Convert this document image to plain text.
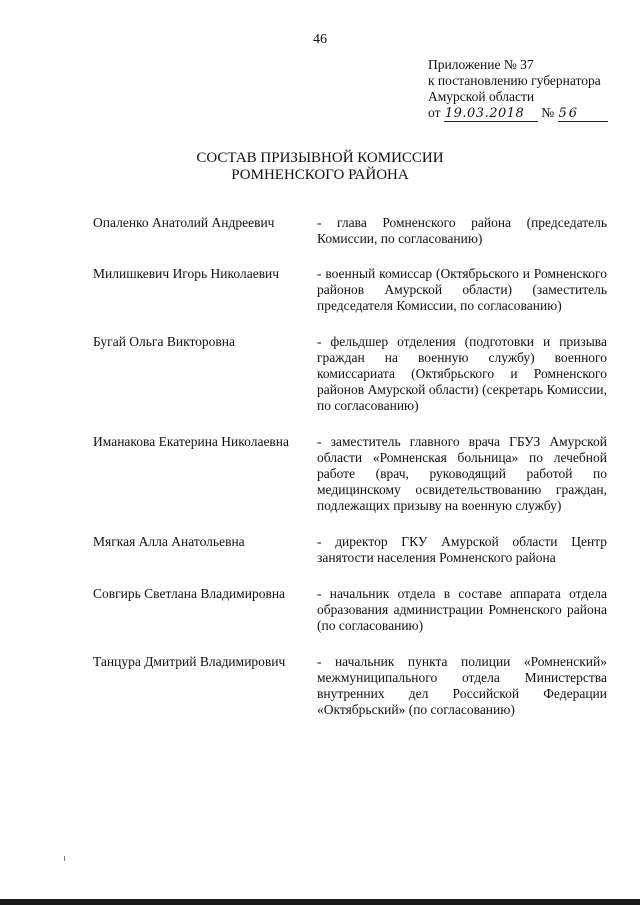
46
Приложение № 37
к постановлению губернатора
Амурской области
от 19.03.2018 № 56
СОСТАВ ПРИЗЫВНОЙ КОМИССИИ
РОМНЕНСКОГО РАЙОНА
Опаленко Анатолий Андреевич	- глава Ромненского района (председатель Комиссии, по согласованию)
Милишкевич Игорь Николаевич	- военный комиссар (Октябрьского и Ромненского районов Амурской области) (заместитель председателя Комиссии, по согласованию)
Бугай Ольга Викторовна	- фельдшер отделения (подготовки и призыва граждан на военную службу) военного комиссариата (Октябрьского и Ромненского районов Амурской области) (секретарь Комиссии, по согласованию)
Иманакова Екатерина Николаевна	- заместитель главного врача ГБУЗ Амурской области «Ромненская больница» по лечебной работе (врач, руководящий работой по медицинскому освидетельствованию граждан, подлежащих призыву на военную службу)
Мягкая Алла Анатольевна	- директор ГКУ Амурской области Центр занятости населения Ромненского района
Совгирь Светлана Владимировна	- начальник отдела в составе аппарата отдела образования администрации Ромненского района (по согласованию)
Танцура Дмитрий Владимирович	- начальник пункта полиции «Ромненский» межмуниципального отдела Министерства внутренних дел Российской Федерации «Октябрьский» (по согласованию)
